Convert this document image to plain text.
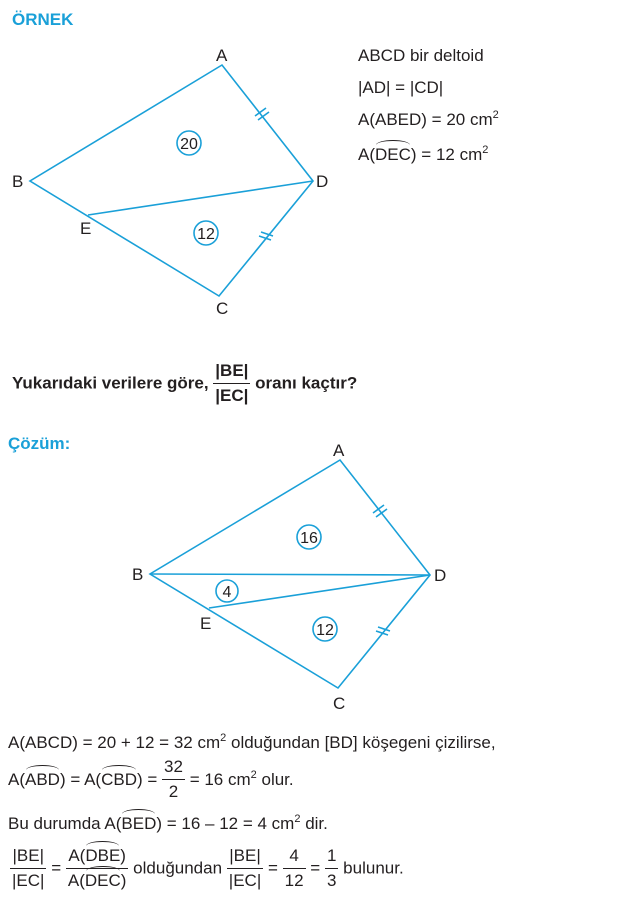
ÖRNEK
A
B
C
D
E
20
12
ABCD bir deltoid
|AD| = |CD|
A(ABED) = 20 $cm^2$
A(DEC) = 12 $cm^2$
Yukarıdaki verilere göre, $\frac{|BE|}{|EC|}$ oranı kaçtır?
Çözüm:	A
B
C
D
E
16
4
12
A(ABCD) = 20 + 12 = 32 $cm^2$ olduğundan [BD] köşegeni çizilirse,
$A(ABD) = A(CBD) = \frac{32}{2} = 16$ $cm^2$ olur.
Bu durumda A(BED) = 16 – 12 = 4 $cm^2$ dir.
$\frac{|BE|}{|EC|} = \frac{\text{A(DBE)}}{\text{A(DEC)}}$ olduğundan $\frac{|BE|}{|EC|} = \frac{4}{12} = \frac{1}{3}$ bulunur.
